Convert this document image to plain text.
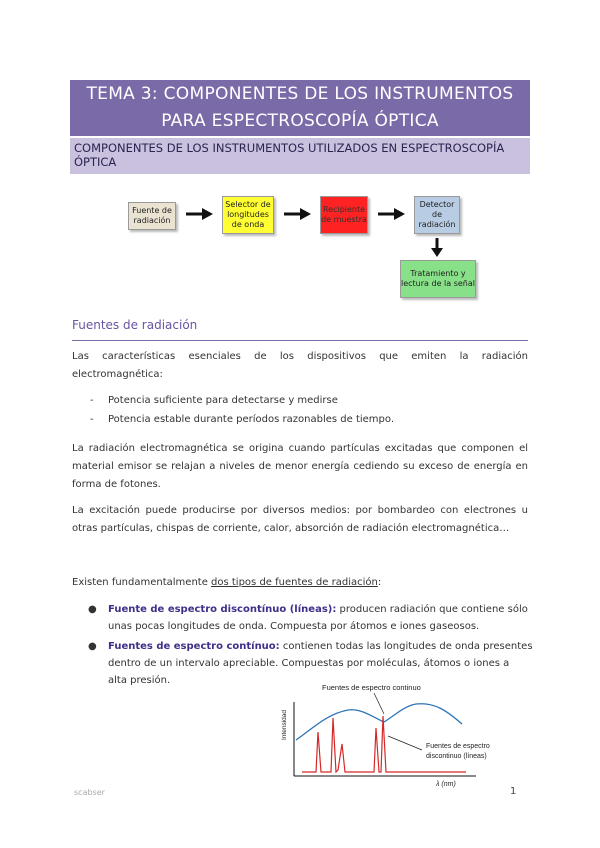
TEMA 3: COMPONENTES DE LOS INSTRUMENTOS
PARA ESPECTROSCOPÍA ÓPTICA
COMPONENTES DE LOS INSTRUMENTOS UTILIZADOS EN ESPECTROSCOPÍA ÓPTICA
Fuente de radiación
Selector de longitudes de onda
Recipiente de muestra
Detector de radiación
Tratamiento y lectura de la señal
Fuentes de radiación
Las características esenciales de los dispositivos que emiten la radiación
electromagnética:
- Potencia suficiente para detectarse y medirse
- Potencia estable durante períodos razonables de tiempo.
La radiación electromagnética se origina cuando partículas excitadas que componen el
material emisor se relajan a niveles de menor energía cediendo su exceso de energía en
forma de fotones.
La excitación puede producirse por diversos medios: por bombardeo con electrones u
otras partículas, chispas de corriente, calor, absorción de radiación electromagnética…
Existen fundamentalmente dos tipos de fuentes de radiación:
●	Fuente de espectro discontínuo (líneas): producen radiación que contiene sólo
unas pocas longitudes de onda. Compuesta por átomos e iones gaseosos.
●	Fuentes de espectro contínuo: contienen todas las longitudes de onda presentes
dentro de un intervalo apreciable. Compuestas por moléculas, átomos o iones a
alta presión.
Fuentes de espectro continuo
Intensidad
Fuentes de espectro
discontinuo (líneas)
λ (nm)
scabser	1
